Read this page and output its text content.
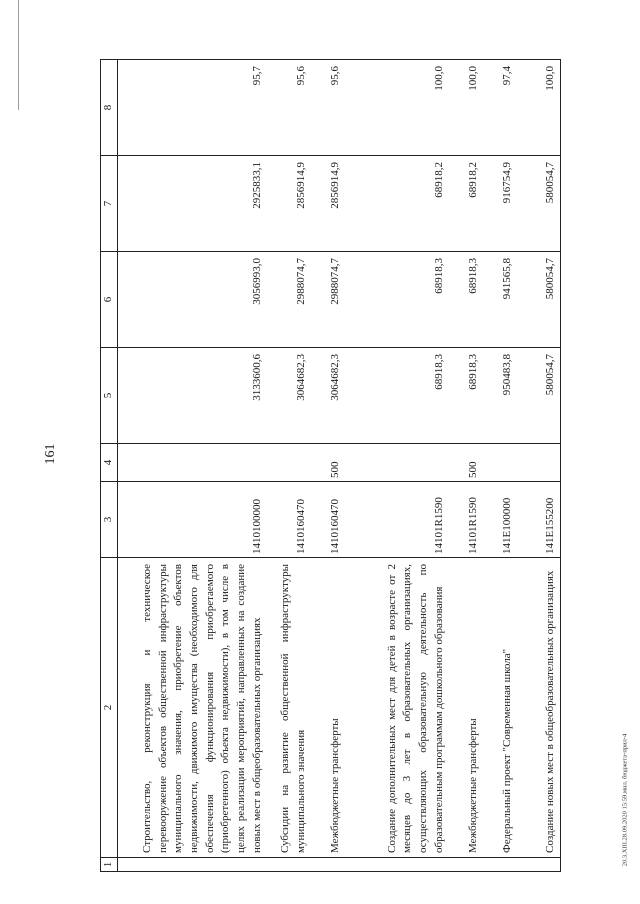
161
20.3.XIII.28.09.2020 15:59.мнл. бюджета-прил-4
1	2	3	4	5	6	7	8
	Строительство, реконструкция и техническое перевооружение объектов общественной инфраструктуры муниципального значения, приобретение объектов недвижимости, движимого имущества (необходимого для обеспечения функционирования приобретаемого (приобретенного) объекта недвижимости), в том числе в целях реализации мероприятий, направленных на создание новых мест в общеобразовательных организациях	1410100000		3133600,6	3056993,0	2925833,1	95,7
	Субсидии на развитие общественной инфраструктуры муниципального значения	1410160470		3064682,3	2988074,7	2856914,9	95,6
	Межбюджетные трансферты	1410160470	500	3064682,3	2988074,7	2856914,9	95,6
	Создание дополнительных мест для детей в возрасте от 2 месяцев до 3 лет в образовательных организациях, осуществляющих образовательную деятельность по образовательным программам дошкольного образования	14101R1590		68918,3	68918,3	68918,2	100,0
	Межбюджетные трансферты	14101R1590	500	68918,3	68918,3	68918,2	100,0
	Федеральный проект "Современная школа"	141E100000		950483,8	941565,8	916754,9	97,4
	Создание новых мест в общеобразовательных организациях	141E155200		580054,7	580054,7	580054,7	100,0
